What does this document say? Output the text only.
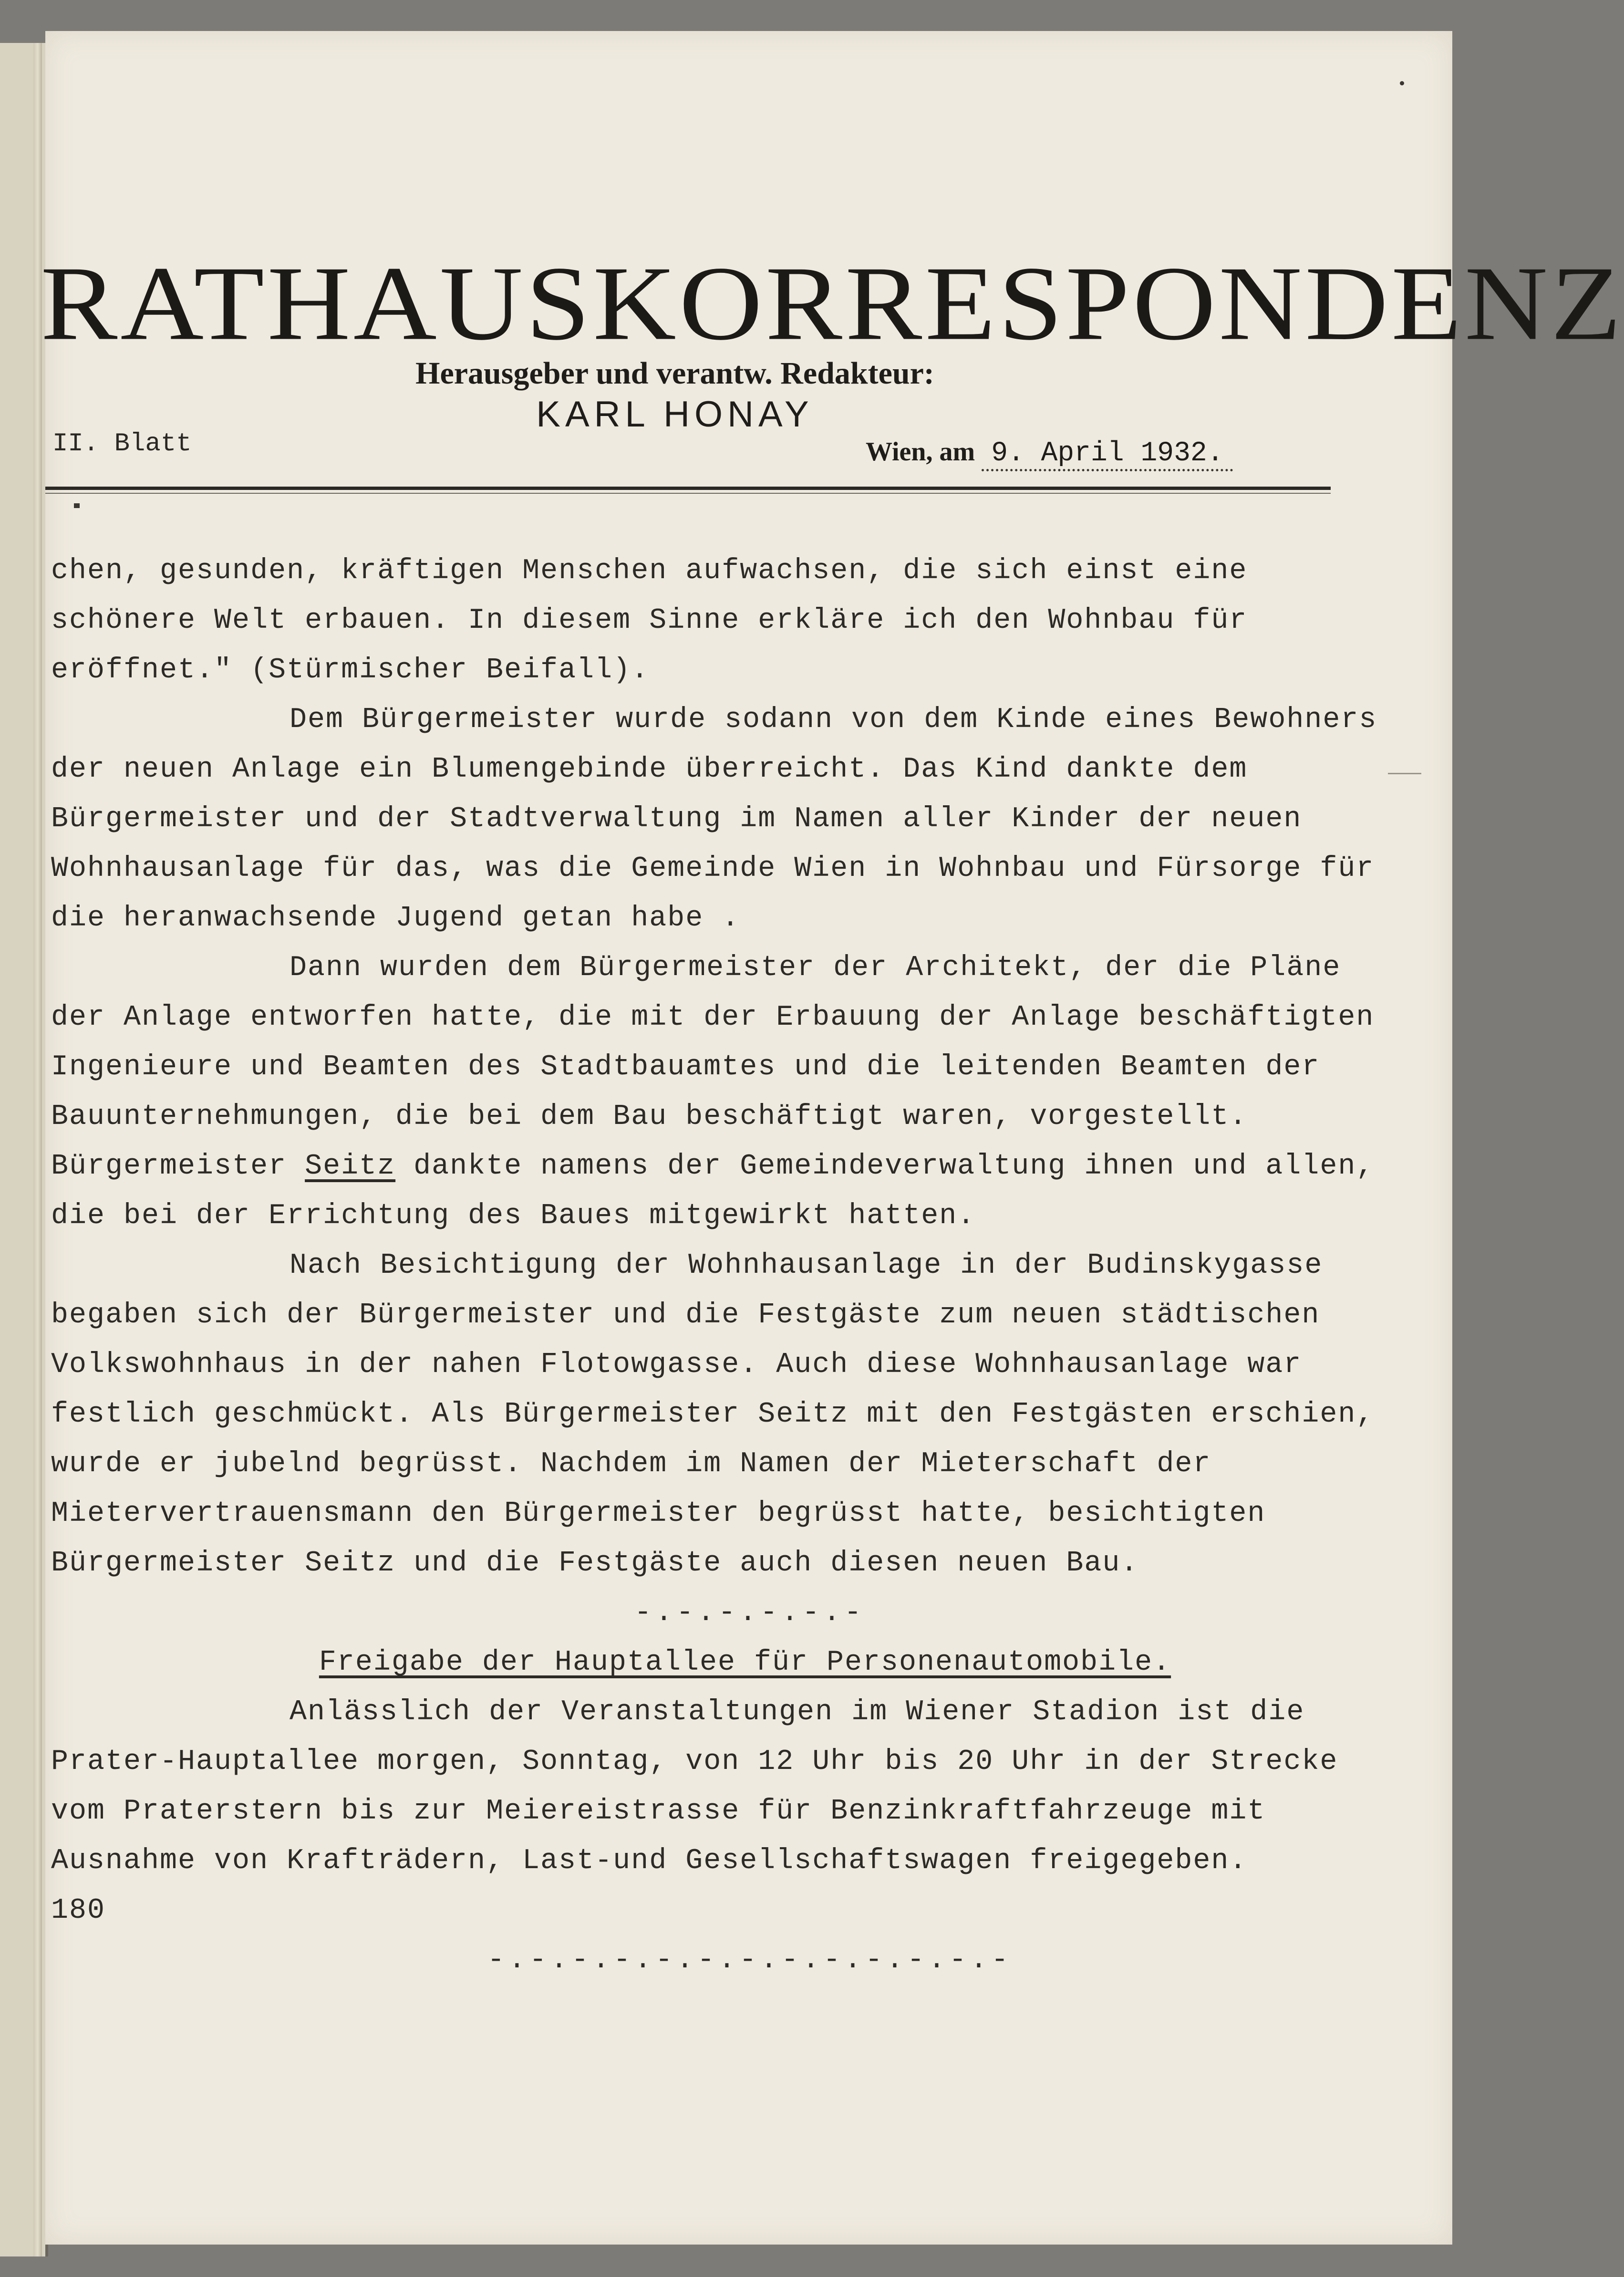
RATHAUSKORRESPONDENZ
Herausgeber und verantw. Redakteur:
KARL HONAY
II. Blatt	Wien, am 9. April 1932.

chen, gesunden, kräftigen Menschen aufwachsen, die sich einst eine schönere Welt erbauen. In diesem Sinne erkläre ich den Wohnbau für eröffnet." (Stürmischer Beifall).

Dem Bürgermeister wurde sodann von dem Kinde eines Bewohners der neuen Anlage ein Blumengebinde überreicht. Das Kind dankte dem Bürgermeister und der Stadtverwaltung im Namen aller Kinder der neuen Wohnhausanlage für das, was die Gemeinde Wien in Wohnbau und Fürsorge für die heranwachsende Jugend getan habe .

Dann wurden dem Bürgermeister der Architekt, der die Pläne der Anlage entworfen hatte, die mit der Erbauung der Anlage beschäftigten Ingenieure und Beamten des Stadtbauamtes und die leitenden Beamten der Bauunternehmungen, die bei dem Bau beschäftigt waren, vorgestellt. Bürgermeister Seitz dankte namens der Gemeindeverwaltung ihnen und allen, die bei der Errichtung des Baues mitgewirkt hatten.

Nach Besichtigung der Wohnhausanlage in der Budinskygasse begaben sich der Bürgermeister und die Festgäste zum neuen städtischen Volkswohnhaus in der nahen Flotowgasse. Auch diese Wohnhausanlage war festlich geschmückt. Als Bürgermeister Seitz mit den Festgästen erschien, wurde er jubelnd begrüsst. Nachdem im Namen der Mieterschaft der Mietervertrauensmann den Bürgermeister begrüsst hatte, besichtigten Bürgermeister Seitz und die Festgäste auch diesen neuen Bau.

-.-.-.-.-.-

Freigabe der Hauptallee für Personenautomobile.

Anlässlich der Veranstaltungen im Wiener Stadion ist die Prater-Hauptallee morgen, Sonntag, von 12 Uhr bis 20 Uhr in der Strecke vom Praterstern bis zur Meiereistrasse für Benzinkraftfahrzeuge mit Ausnahme von Krafträdern, Last-und Gesellschaftswagen freigegeben.

180

-.-.-.-.-.-.-.-.-.-.-.-.-
